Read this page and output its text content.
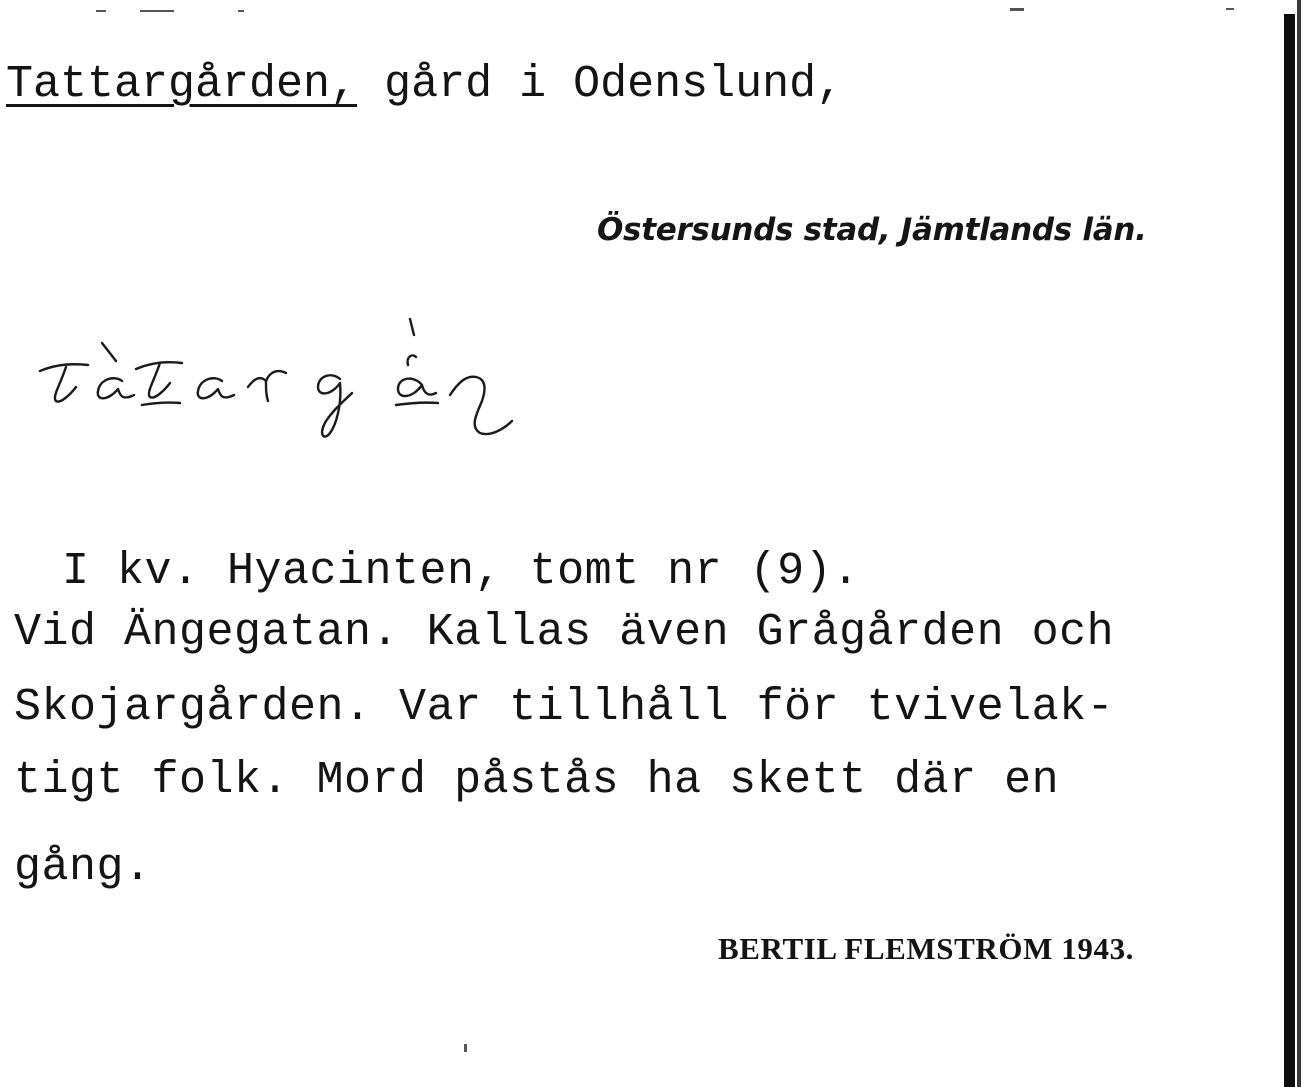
Tattargården, gård i Odenslund,
Östersunds stad, Jämtlands län.
I kv. Hyacinten, tomt nr (9).
Vid Ängegatan. Kallas även Grågården och
Skojargården. Var tillhåll för tvivelak-
tigt folk. Mord påstås ha skett där en
gång.
BERTIL FLEMSTRÖM 1943.
